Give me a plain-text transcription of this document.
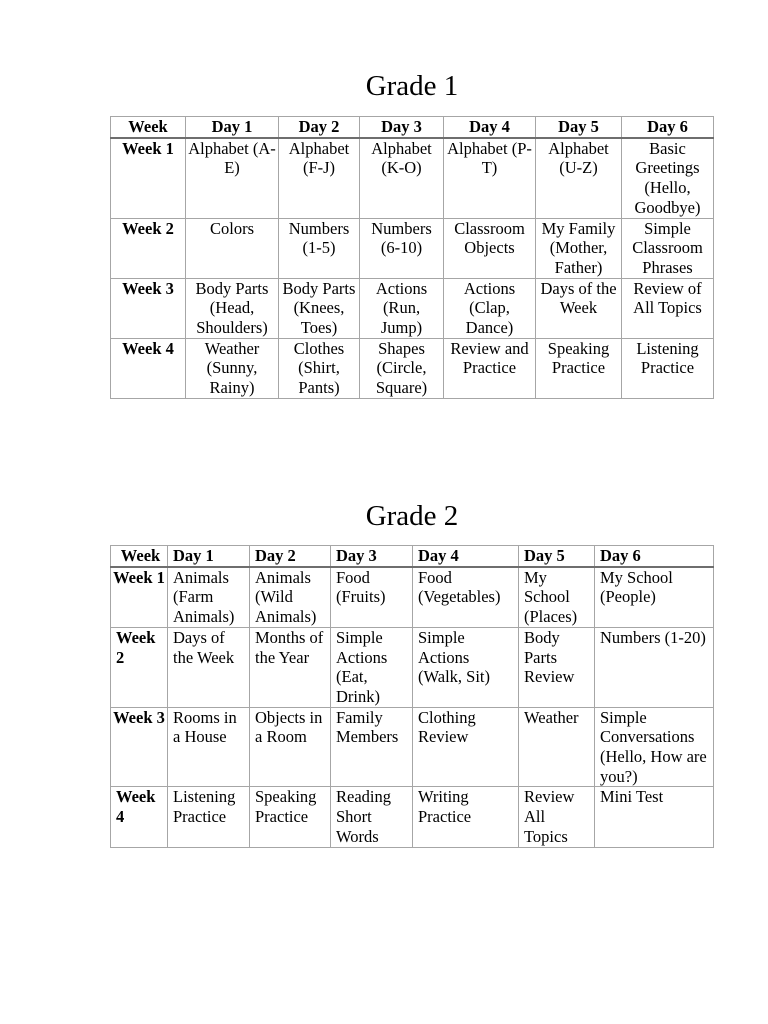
Grade 1
Week	Day 1	Day 2	Day 3	Day 4	Day 5	Day 6
Week 1	Alphabet (A-E)	Alphabet (F-J)	Alphabet (K-O)	Alphabet (P-T)	Alphabet (U-Z)	Basic Greetings (Hello, Goodbye)
Week 2	Colors	Numbers (1-5)	Numbers (6-10)	Classroom Objects	My Family (Mother, Father)	Simple Classroom Phrases
Week 3	Body Parts (Head, Shoulders)	Body Parts (Knees, Toes)	Actions (Run, Jump)	Actions (Clap, Dance)	Days of the Week	Review of All Topics
Week 4	Weather (Sunny, Rainy)	Clothes (Shirt, Pants)	Shapes (Circle, Square)	Review and Practice	Speaking Practice	Listening Practice
Grade 2
Week	Day 1	Day 2	Day 3	Day 4	Day 5	Day 6
Week 1	Animals (Farm Animals)	Animals (Wild Animals)	Food (Fruits)	Food (Vegetables)	My School (Places)	My School (People)
Week 2	Days of the Week	Months of the Year	Simple Actions (Eat, Drink)	Simple Actions (Walk, Sit)	Body Parts Review	Numbers (1-20)
Week 3	Rooms in a House	Objects in a Room	Family Members	Clothing Review	Weather	Simple Conversations (Hello, How are you?)
Week 4	Listening Practice	Speaking Practice	Reading Short Words	Writing Practice	Review All Topics	Mini Test
